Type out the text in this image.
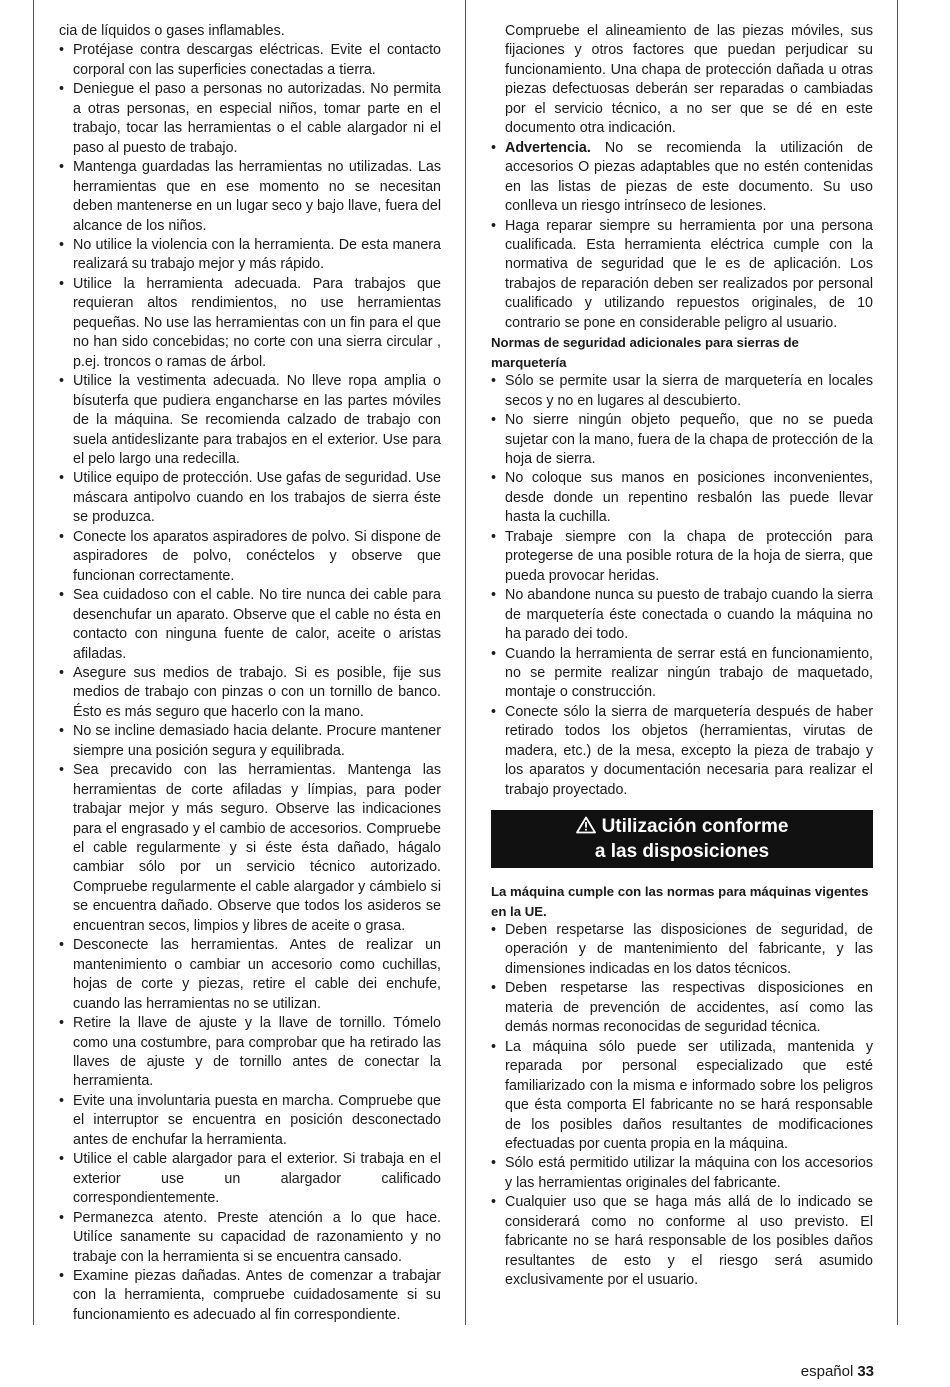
cia de líquidos o gases inflamables.

• Protéjase contra descargas eléctricas. Evite el contacto corporal con las superficies conectadas a tierra.
• Deniegue el paso a personas no autorizadas. No permita a otras personas, en especial niños, tomar parte en el trabajo, tocar las herramientas o el cable alargador ni el paso al puesto de trabajo.
• Mantenga guardadas las herramientas no utilizadas. Las herramientas que en ese momento no se necesitan deben mantenerse en un lugar seco y bajo llave, fuera del alcance de los niños.
• No utilice la violencia con la herramienta. De esta manera realizará su trabajo mejor y más rápido.
• Utilice la herramienta adecuada. Para trabajos que requieran altos rendimientos, no use herramientas pequeñas. No use las herramientas con un fin para el que no han sido concebidas; no corte con una sierra circular , p.ej. troncos o ramas de árbol.
• Utilice la vestimenta adecuada. No lleve ropa amplia o bísuterfa que pudiera engancharse en las partes móviles de la máquina. Se recomienda calzado de trabajo con suela antideslizante para trabajos en el exterior. Use para el pelo largo una redecilla.
• Utilice equipo de protección. Use gafas de seguridad. Use máscara antipolvo cuando en los trabajos de sierra éste se produzca.
• Conecte los aparatos aspiradores de polvo. Si dispone de aspiradores de polvo, conéctelos y observe que funcionan correctamente.
• Sea cuidadoso con el cable. No tire nunca dei cable para desenchufar un aparato. Observe que el cable no ésta en contacto con ninguna fuente de calor, aceite o aristas afiladas.
• Asegure sus medios de trabajo. Si es posible, fije sus medios de trabajo con pinzas o con un tornillo de banco. Ésto es más seguro que hacerlo con la mano.
• No se incline demasiado hacia delante. Procure mantener siempre una posición segura y equilibrada.
• Sea precavido con las herramientas. Mantenga las herramientas de corte afiladas y límpias, para poder trabajar mejor y más seguro. Observe las indicaciones para el engrasado y el cambio de accesorios. Compruebe el cable regularmente y si éste ésta dañado, hágalo cambiar sólo por un servicio técnico autorizado. Compruebe regularmente el cable alargador y cámbielo si se encuentra dañado. Observe que todos los asideros se encuentran secos, limpios y libres de aceite o grasa.
• Desconecte las herramientas. Antes de realizar un mantenimiento o cambiar un accesorio como cuchillas, hojas de corte y piezas, retire el cable dei enchufe, cuando las herramientas no se utilizan.
• Retire la llave de ajuste y la llave de tornillo. Tómelo como una costumbre, para comprobar que ha retirado las llaves de ajuste y de tornillo antes de conectar la herramienta.
• Evite una involuntaria puesta en marcha. Compruebe que el interruptor se encuentra en posición desconectado antes de enchufar la herramienta.
• Utilice el cable alargador para el exterior. Si trabaja en el exterior use un alargador calificado correspondientemente.
• Permanezca atento. Preste atención a lo que hace. Utilíce sanamente su capacidad de razonamiento y no trabaje con la herramienta si se encuentra cansado.
• Examine piezas dañadas. Antes de comenzar a trabajar con la herramienta, compruebe cuidadosamente si su funcionamiento es adecuado al fin correspondiente.
Compruebe el alineamiento de las piezas móviles, sus fijaciones y otros factores que puedan perjudicar su funcionamiento. Una chapa de protección dañada u otras piezas defectuosas deberán ser reparadas o cambiadas por el servicio técnico, a no ser que se dé en este documento otra indicación.
• Advertencia. No se recomienda la utilización de accesorios O piezas adaptables que no estén contenidas en las listas de piezas de este documento. Su uso conlleva un riesgo intrínseco de lesiones.
• Haga reparar siempre su herramienta por una persona cualificada. Esta herramienta eléctrica cumple con la normativa de seguridad que le es de aplicación. Los trabajos de reparación deben ser realizados por personal cualificado y utilizando repuestos originales, de 10 contrario se pone en considerable peligro al usuario.
Normas de seguridad adicionales para sierras de marquetería
• Sólo se permite usar la sierra de marquetería en locales secos y no en lugares al descubierto.
• No sierre ningún objeto pequeño, que no se pueda sujetar con la mano, fuera de la chapa de protección de la hoja de sierra.
• No coloque sus manos en posiciones inconvenientes, desde donde un repentino resbalón las puede llevar hasta la cuchilla.
• Trabaje siempre con la chapa de protección para protegerse de una posible rotura de la hoja de sierra, que pueda provocar heridas.
• No abandone nunca su puesto de trabajo cuando la sierra de marquetería éste conectada o cuando la máquina no ha parado dei todo.
• Cuando la herramienta de serrar está en funcionamiento, no se permite realizar ningún trabajo de maquetado, montaje o construcción.
• Conecte sólo la sierra de marquetería después de haber retirado todos los objetos (herramientas, virutas de madera, etc.) de la mesa, excepto la pieza de trabajo y los aparatos y documentación necesaria para realizar el trabajo proyectado.
Utilización conforme
a las disposiciones
La máquina cumple con las normas para máquinas vigentes en la UE.
• Deben respetarse las disposiciones de seguridad, de operación y de mantenimiento del fabricante, y las dimensiones indicadas en los datos técnicos.
• Deben respetarse las respectivas disposiciones en materia de prevención de accidentes, así como las demás normas reconocidas de seguridad técnica.
• La máquina sólo puede ser utilizada, mantenida y reparada por personal especializado que esté familiarizado con la misma e informado sobre los peligros que ésta comporta El fabricante no se hará responsable de los posibles daños resultantes de modificaciones efectuadas por cuenta propia en la máquina.
• Sólo está permitido utilizar la máquina con los accesorios y las herramientas originales del fabricante.
• Cualquier uso que se haga más allá de lo indicado se considerará como no conforme al uso previsto. El fabricante no se hará responsable de los posibles daños resultantes de esto y el riesgo será asumido exclusivamente por el usuario.
español 33
